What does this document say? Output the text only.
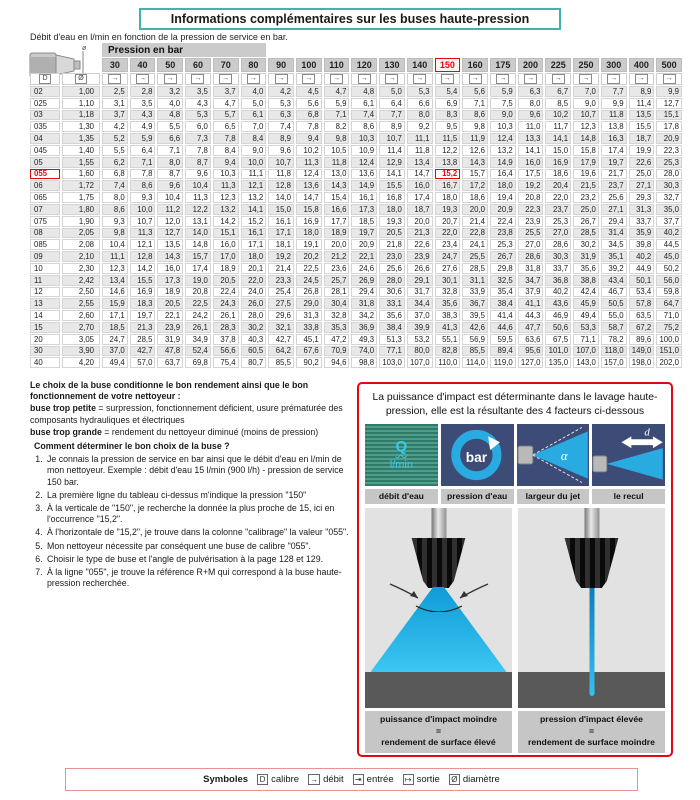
Informations complémentaires sur les buses haute-pression
Débit d'eau en l/min en fonction de la pression de service en bar.
ø	Pression en bar
30	40	50	60	70	80	90	100	110	120	130	140	150	160	175	200	225	250	300	400	500
D	Ø	→	→	→	→	→	→	→	→	→	→	→	→	→	→	→	→	→	→	→	→	→
02	1,00	2,5	2,8	3,2	3,5	3,7	4,0	4,2	4,5	4,7	4,8	5,0	5,3	5,4	5,6	5,9	6,3	6,7	7,0	7,7	8,9	9,9
025	1,10	3,1	3,5	4,0	4,3	4,7	5,0	5,3	5,6	5,9	6,1	6,4	6,6	6,9	7,1	7,5	8,0	8,5	9,0	9,9	11,4	12,7
03	1,18	3,7	4,3	4,8	5,3	5,7	6,1	6,3	6,8	7,1	7,4	7,7	8,0	8,3	8,6	9,0	9,6	10,2	10,7	11,8	13,5	15,1
035	1,30	4,2	4,9	5,5	6,0	6,5	7,0	7,4	7,8	8,2	8,6	8,9	9,2	9,5	9,8	10,3	11,0	11,7	12,3	13,8	15,5	17,8
04	1,35	5,2	5,9	6,6	7,3	7,8	8,4	8,9	9,4	9,8	10,3	10,7	11,1	11,5	11,9	12,4	13,3	14,1	14,8	16,3	18,7	20,9
045	1,40	5,5	6,4	7,1	7,8	8,4	9,0	9,6	10,2	10,5	10,9	11,4	11,8	12,2	12,6	13,2	14,1	15,0	15,8	17,4	19,9	22,3
05	1,55	6,2	7,1	8,0	8,7	9,4	10,0	10,7	11,3	11,8	12,4	12,9	13,4	13,8	14,3	14,9	16,0	16,9	17,9	19,7	22,6	25,3
055	1,60	6,8	7,8	8,7	9,6	10,3	11,1	11,8	12,4	13,0	13,6	14,1	14,7	15,2	15,7	16,4	17,5	18,6	19,6	21,7	25,0	28,0
06	1,72	7,4	8,6	9,6	10,4	11,3	12,1	12,8	13,6	14,3	14,9	15,5	16,0	16,7	17,2	18,0	19,2	20,4	21,5	23,7	27,1	30,3
065	1,75	8,0	9,3	10,4	11,3	12,3	13,2	14,0	14,7	15,4	16,1	16,8	17,4	18,0	18,6	19,4	20,8	22,0	23,2	25,6	29,3	32,7
07	1,80	8,6	10,0	11,2	12,2	13,2	14,1	15,0	15,8	16,6	17,3	18,0	18,7	19,3	20,0	20,9	22,3	23,7	25,0	27,1	31,3	35,0
075	1,90	9,3	10,7	12,0	13,1	14,2	15,2	16,1	16,9	17,7	18,5	19,3	20,0	20,7	21,4	22,4	23,9	25,3	26,7	29,4	33,7	37,7
08	2,05	9,8	11,3	12,7	14,0	15,1	16,1	17,1	18,0	18,9	19,7	20,5	21,3	22,0	22,8	23,8	25,5	27,0	28,5	31,4	35,9	40,2
085	2,08	10,4	12,1	13,5	14,8	16,0	17,1	18,1	19,1	20,0	20,9	21,8	22,6	23,4	24,1	25,3	27,0	28,6	30,2	34,5	39,8	44,5
09	2,10	11,1	12,8	14,3	15,7	17,0	18,0	19,2	20,2	21,2	22,1	23,0	23,9	24,7	25,5	26,7	28,6	30,3	31,9	35,1	40,2	45,0
10	2,30	12,3	14,2	16,0	17,4	18,9	20,1	21,4	22,5	23,6	24,6	25,6	26,6	27,6	28,5	29,8	31,8	33,7	35,6	39,2	44,9	50,2
11	2,42	13,4	15,5	17,3	19,0	20,5	22,0	23,3	24,5	25,7	26,9	28,0	29,1	30,1	31,1	32,5	34,7	36,8	38,8	43,4	50,1	56,0
12	2,50	14,6	16,9	18,9	20,8	22,4	24,0	25,4	26,8	28,1	29,4	30,6	31,7	32,8	33,9	35,4	37,9	40,2	42,4	46,7	53,4	59,8
13	2,55	15,9	18,3	20,5	22,5	24,3	26,0	27,5	29,0	30,4	31,8	33,1	34,4	35,6	36,7	38,4	41,1	43,6	45,9	50,5	57,8	64,7
14	2,60	17,1	19,7	22,1	24,2	26,1	28,0	29,6	31,3	32,8	34,2	35,6	37,0	38,3	39,5	41,4	44,3	46,9	49,4	55,0	63,5	71,0
15	2,70	18,5	21,3	23,9	26,1	28,3	30,2	32,1	33,8	35,3	36,9	38,4	39,9	41,3	42,6	44,6	47,7	50,6	53,3	58,7	67,2	75,2
20	3,05	24,7	28,5	31,9	34,9	37,8	40,3	42,7	45,1	47,2	49,3	51,3	53,2	55,1	56,9	59,5	63,6	67,5	71,1	78,2	89,6	100,0
30	3,90	37,0	42,7	47,8	52,4	56,6	60,5	64,2	67,6	70,9	74,0	77,1	80,0	82,8	85,5	89,4	95,6	101,0	107,0	118,0	149,0	151,0
40	4,20	49,4	57,0	63,7	69,8	75,4	80,7	85,5	90,2	94,6	98,8	103,0	107,0	110,0	114,0	119,0	127,0	135,0	143,0	157,0	198,0	202,0

Le choix de la buse conditionne le bon rendement ainsi que le bon fonctionnement de votre nettoyeur :

buse trop petite = surpression, fonctionnement déficient, usure prématurée des composants hydrauliques et électriques

buse trop grande = rendement du nettoyeur diminué (moins de pression)

Comment déterminer le bon choix de la buse ?

1. Je connais la pression de service en bar ainsi que le débit d'eau en l/min de mon nettoyeur. Exemple : débit d'eau 15 l/min (900 l/h) - pression de service 150 bar.
2. La première ligne du tableau ci-dessus m'indique la pression "150"
3. À la verticale de "150", je recherche la donnée la plus proche de 15, ici en l'occurrence "15,2".
4. À l'horizontale de "15,2", je trouve dans la colonne "calibrage" la valeur "055".
5. Mon nettoyeur nécessite par conséquent une buse de calibre "055".
6. Choisir le type de buse et l'angle de pulvérisation à la page 128 et 129.
7. À la ligne "055", je trouve la référence R+M qui correspond à la buse haute-pression recherchée.
La puissance d'impact est déterminante dans le lavage haute-pression, elle est la résultante des 4 facteurs ci-dessous
Q
l/min
bar	α
d
débit d'eau	pression d'eau	largeur du jet	le recul
puissance d'impact moindre
=
rendement de surface élevé
pression d'impact élevée
=
rendement de surface moindre
Symboles	D calibre → débit ⇥ entrée ↦ sortie Ø diamètre
